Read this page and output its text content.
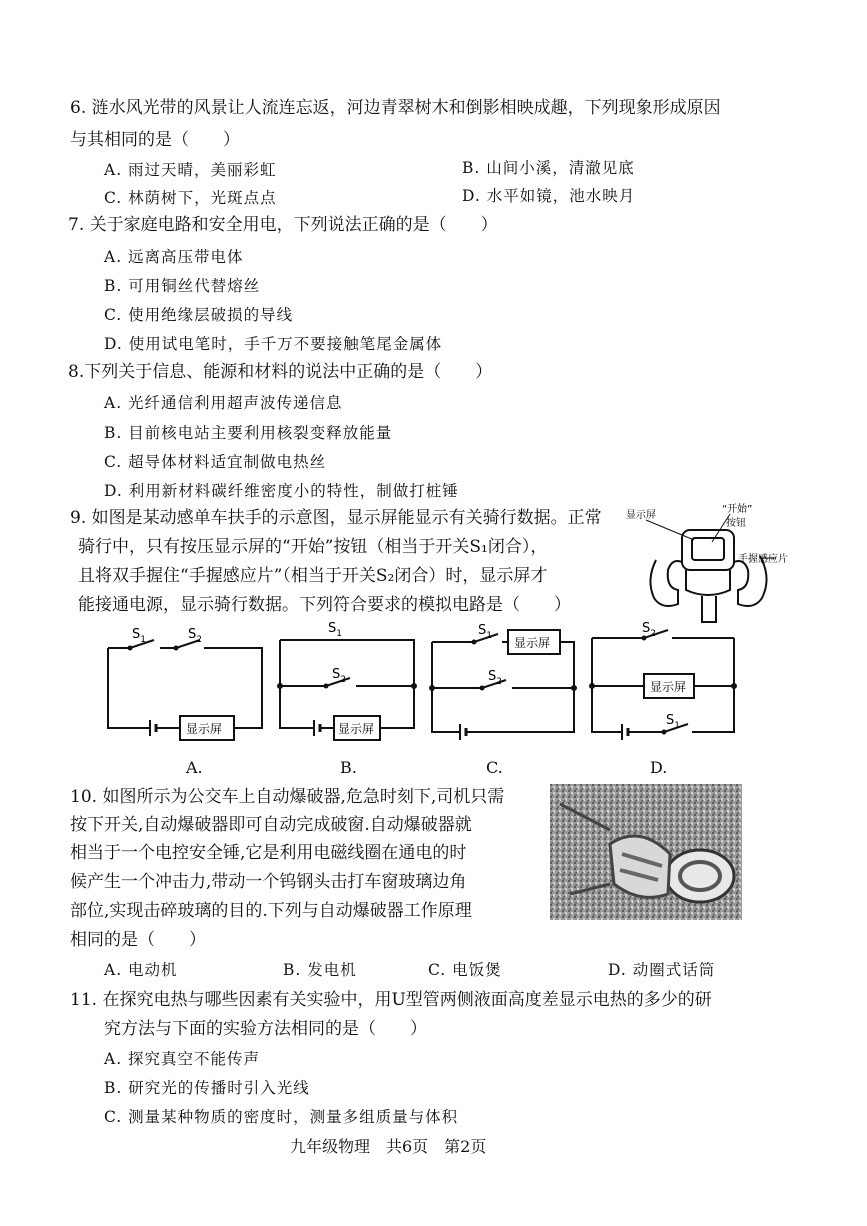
6. 涟水风光带的风景让人流连忘返，河边青翠树木和倒影相映成趣，下列现象形成原因
与其相同的是（　　）
A. 雨过天晴，美丽彩虹	B. 山间小溪，清澈见底
C. 林荫树下，光斑点点	D. 水平如镜，池水映月
7. 关于家庭电路和安全用电，下列说法正确的是（　　）
A. 远离高压带电体
B. 可用铜丝代替熔丝
C. 使用绝缘层破损的导线
D. 使用试电笔时，手千万不要接触笔尾金属体
8.下列关于信息、能源和材料的说法中正确的是（　　）
A. 光纤通信利用超声波传递信息
B. 目前核电站主要利用核裂变释放能量
C. 超导体材料适宜制做电热丝
D. 利用新材料碳纤维密度小的特性，制做打桩锤
9. 如图是某动感单车扶手的示意图，显示屏能显示有关骑行数据。正常
骑行中，只有按压显示屏的“开始”按钮（相当于开关S₁闭合），
且将双手握住“手握感应片”（相当于开关S₂闭合）时，显示屏才
能接通电源，显示骑行数据。下列符合要求的模拟电路是（　　）
显示屏
“开始”
按钮
手握感应片
$S_1$	$S_2$
显示屏
$S_1$
$S_2$
显示屏
$S_1$
$S_2$
显示屏
$S_2$
$S_1$
显示屏
A.	B.	C.	D.
10. 如图所示为公交车上自动爆破器,危急时刻下,司机只需
按下开关,自动爆破器即可自动完成破窗.自动爆破器就
相当于一个电控安全锤,它是利用电磁线圈在通电的时
候产生一个冲击力,带动一个钨钢头击打车窗玻璃边角
部位,实现击碎玻璃的目的.下列与自动爆破器工作原理
相同的是（　　）
A. 电动机	B. 发电机	C. 电饭煲	D. 动圈式话筒
11. 在探究电热与哪些因素有关实验中，用U型管两侧液面高度差显示电热的多少的研
究方法与下面的实验方法相同的是（　　）
A. 探究真空不能传声
B. 研究光的传播时引入光线
C. 测量某种物质的密度时，测量多组质量与体积
九年级物理　共6页　第2页
